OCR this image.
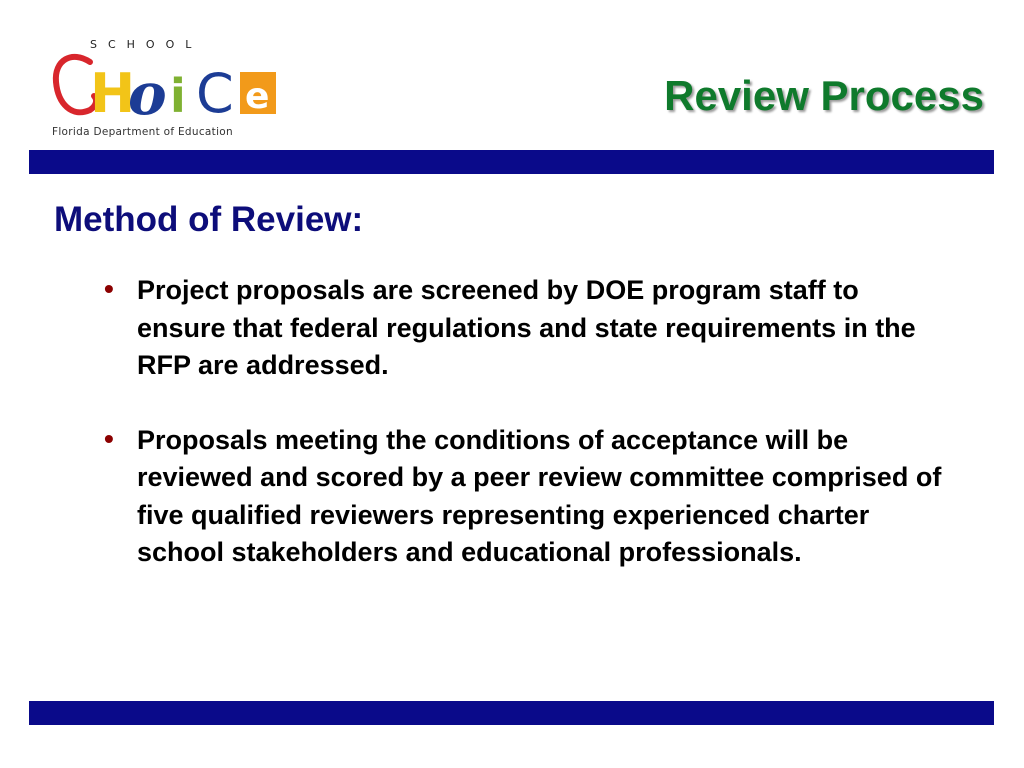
SCHOOL
H
o i C e
Florida Department of Education
Review Process
Method of Review:
• Project proposals are screened by DOE program staff to ensure that federal regulations and state requirements in the RFP are addressed.
• Proposals meeting the conditions of acceptance will be reviewed and scored by a peer review committee comprised of five qualified reviewers representing experienced charter school stakeholders and educational professionals.
